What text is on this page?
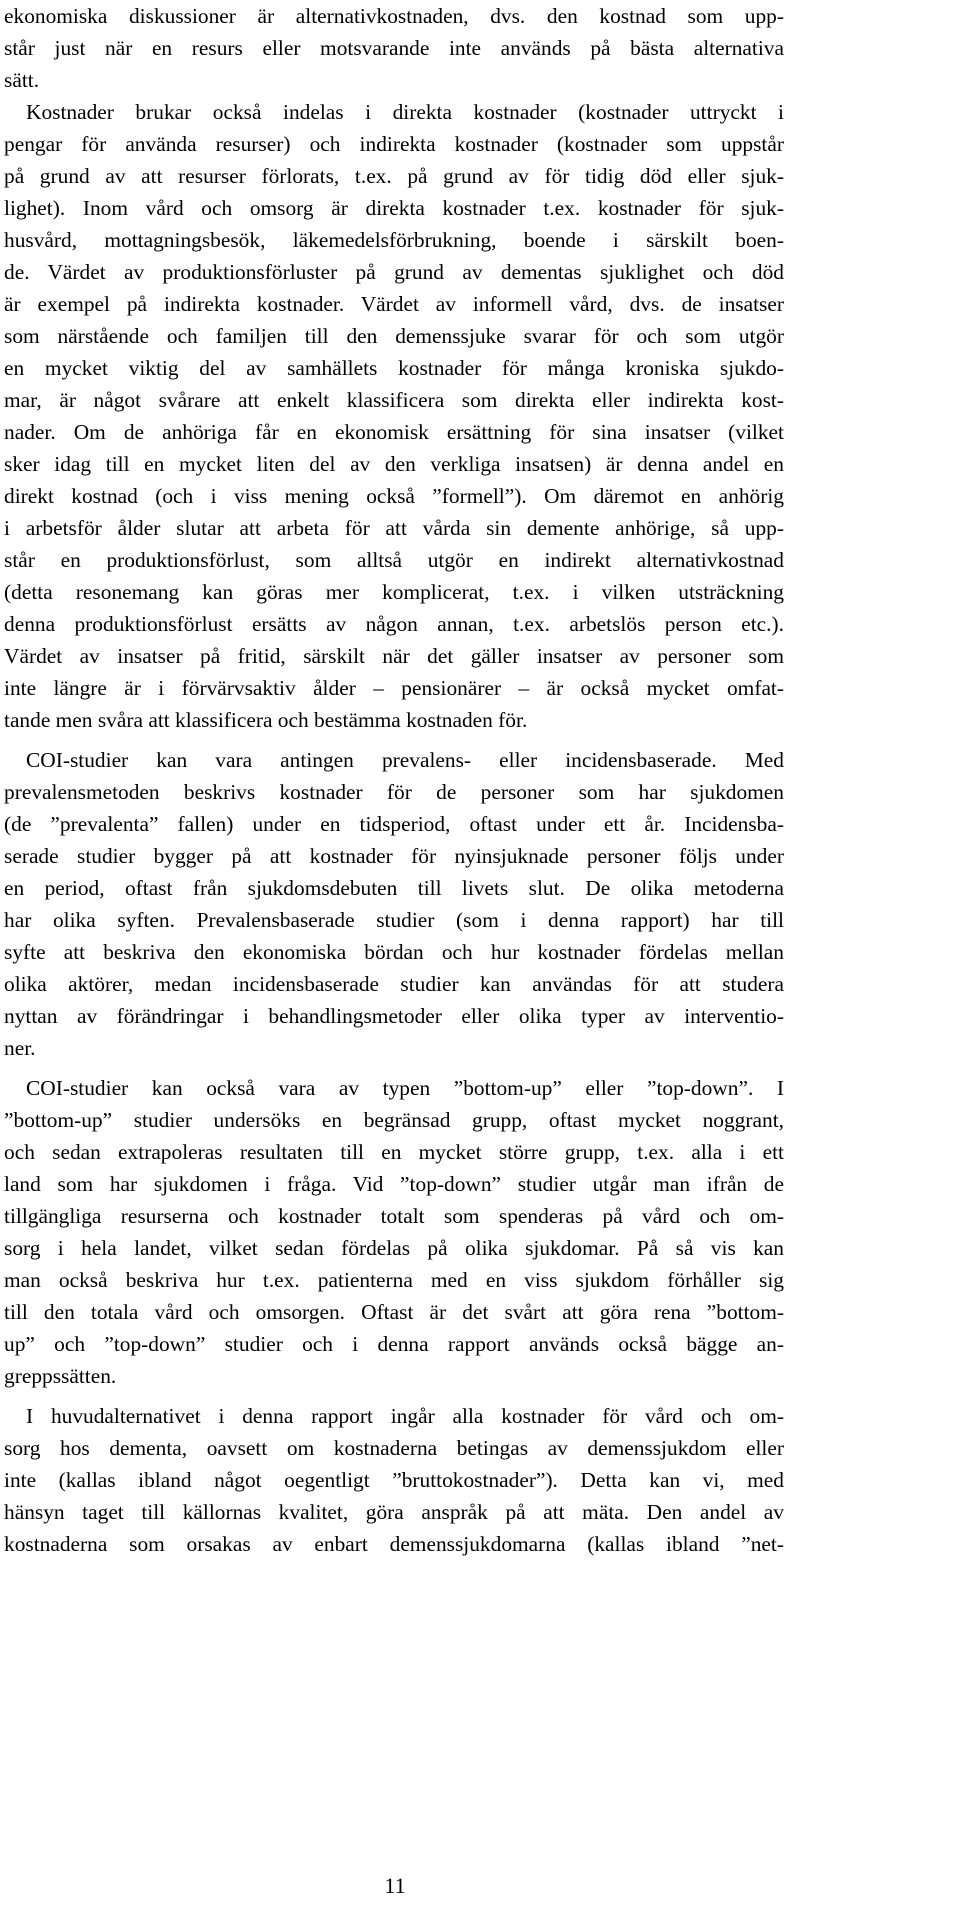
ekonomiska diskussioner är alternativkostnaden, dvs. den kostnad som upp-
står just när en resurs eller motsvarande inte används på bästa alternativa
sätt.
Kostnader brukar också indelas i direkta kostnader (kostnader uttryckt i
pengar för använda resurser) och indirekta kostnader (kostnader som uppstår
på grund av att resurser förlorats, t.ex. på grund av för tidig död eller sjuk-
lighet). Inom vård och omsorg är direkta kostnader t.ex. kostnader för sjuk-
husvård, mottagningsbesök, läkemedelsförbrukning, boende i särskilt boen-
de. Värdet av produktionsförluster på grund av dementas sjuklighet och död
är exempel på indirekta kostnader. Värdet av informell vård, dvs. de insatser
som närstående och familjen till den demenssjuke svarar för och som utgör
en mycket viktig del av samhällets kostnader för många kroniska sjukdo-
mar, är något svårare att enkelt klassificera som direkta eller indirekta kost-
nader. Om de anhöriga får en ekonomisk ersättning för sina insatser (vilket
sker idag till en mycket liten del av den verkliga insatsen) är denna andel en
direkt kostnad (och i viss mening också ”formell”). Om däremot en anhörig
i arbetsför ålder slutar att arbeta för att vårda sin demente anhörige, så upp-
står en produktionsförlust, som alltså utgör en indirekt alternativkostnad
(detta resonemang kan göras mer komplicerat, t.ex. i vilken utsträckning
denna produktionsförlust ersätts av någon annan, t.ex. arbetslös person etc.).
Värdet av insatser på fritid, särskilt när det gäller insatser av personer som
inte längre är i förvärvsaktiv ålder – pensionärer – är också mycket omfat-
tande men svåra att klassificera och bestämma kostnaden för.
COI-studier kan vara antingen prevalens- eller incidensbaserade. Med
prevalensmetoden beskrivs kostnader för de personer som har sjukdomen
(de ”prevalenta” fallen) under en tidsperiod, oftast under ett år. Incidensba-
serade studier bygger på att kostnader för nyinsjuknade personer följs under
en period, oftast från sjukdomsdebuten till livets slut. De olika metoderna
har olika syften. Prevalensbaserade studier (som i denna rapport) har till
syfte att beskriva den ekonomiska bördan och hur kostnader fördelas mellan
olika aktörer, medan incidensbaserade studier kan användas för att studera
nyttan av förändringar i behandlingsmetoder eller olika typer av interventio-
ner.
COI-studier kan också vara av typen ”bottom-up” eller ”top-down”. I
”bottom-up” studier undersöks en begränsad grupp, oftast mycket noggrant,
och sedan extrapoleras resultaten till en mycket större grupp, t.ex. alla i ett
land som har sjukdomen i fråga. Vid ”top-down” studier utgår man ifrån de
tillgängliga resurserna och kostnader totalt som spenderas på vård och om-
sorg i hela landet, vilket sedan fördelas på olika sjukdomar. På så vis kan
man också beskriva hur t.ex. patienterna med en viss sjukdom förhåller sig
till den totala vård och omsorgen. Oftast är det svårt att göra rena ”bottom-
up” och ”top-down” studier och i denna rapport används också bägge an-
greppssätten.
I huvudalternativet i denna rapport ingår alla kostnader för vård och om-
sorg hos dementa, oavsett om kostnaderna betingas av demenssjukdom eller
inte (kallas ibland något oegentligt ”bruttokostnader”). Detta kan vi, med
hänsyn taget till källornas kvalitet, göra anspråk på att mäta. Den andel av
kostnaderna som orsakas av enbart demenssjukdomarna (kallas ibland ”net-
11
